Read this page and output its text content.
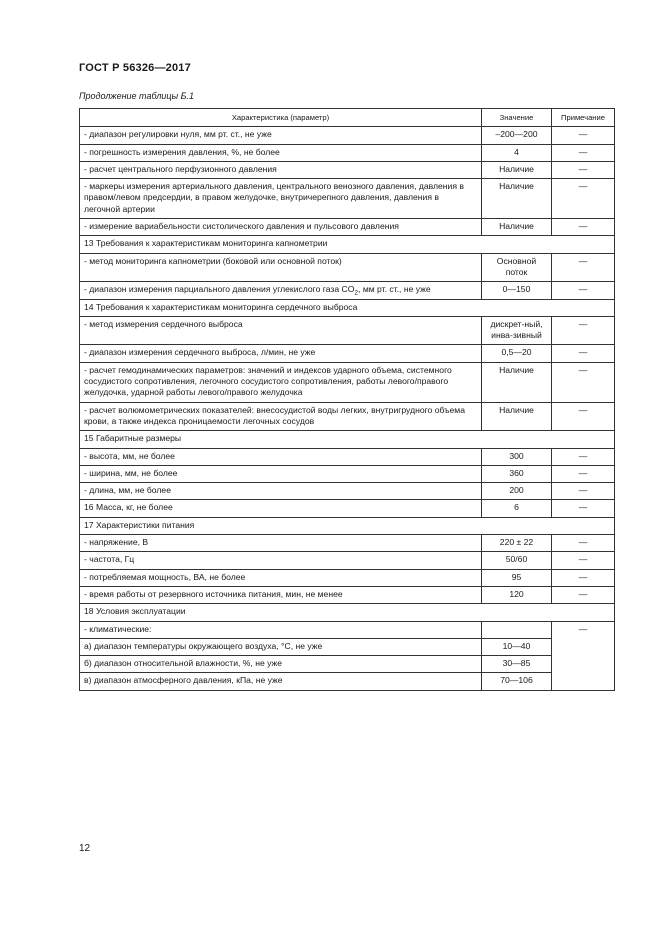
ГОСТ Р 56326—2017
Продолжение таблицы Б.1
Характеристика (параметр)	Значение	Примечание
- диапазон регулировки нуля, мм рт. ст., не уже	–200—200	—
- погрешность измерения давления, %, не более	4	—
- расчет центрального перфузионного давления	Наличие	—
- маркеры измерения артериального давления, центрального венозного давления, давления в правом/левом предсердии, в правом желудочке, внутричерепного давления, давления в легочной артерии	Наличие	—
- измерение вариабельности систолического давления и пульсового давления	Наличие	—
13 Требования к характеристикам мониторинга капнометрии		
- метод мониторинга капнометрии (боковой или основной поток)	Основной поток	—
- диапазон измерения парциального давления углекислого газа $CO_2$, мм рт. ст., не уже	0—150	—
14 Требования к характеристикам мониторинга сердечного выброса		
- метод измерения сердечного выброса	дискрет-ный, инва-зивный	—
- диапазон измерения сердечного выброса, л/мин, не уже	0,5—20	—
- расчет гемодинамических параметров: значений и индексов ударного объема, системного сосудистого сопротивления, легочного сосудистого сопротивления, работы левого/правого желудочка, ударной работы левого/правого желудочка	Наличие	—
- расчет волюмометрических показателей: внесосудистой воды легких, внутригрудного объема крови, а также индекса проницаемости легочных сосудов	Наличие	—
15 Габаритные размеры		
- высота, мм, не более	300	—
- ширина, мм, не более	360	—
- длина, мм, не более	200	—
16 Масса, кг, не более	6	—
17 Характеристики питания		
- напряжение, В	220 ± 22	—
- частота, Гц	50/60	—
- потребляемая мощность, ВА, не более	95	—
- время работы от резервного источника питания, мин, не менее	120	—
18 Условия эксплуатации		
- климатические:		—
а) диапазон температуры окружающего воздуха, °С, не уже	10—40	
б) диапазон относительной влажности, %, не уже	30—85	
в) диапазон атмосферного давления, кПа, не уже	70—106	
12
